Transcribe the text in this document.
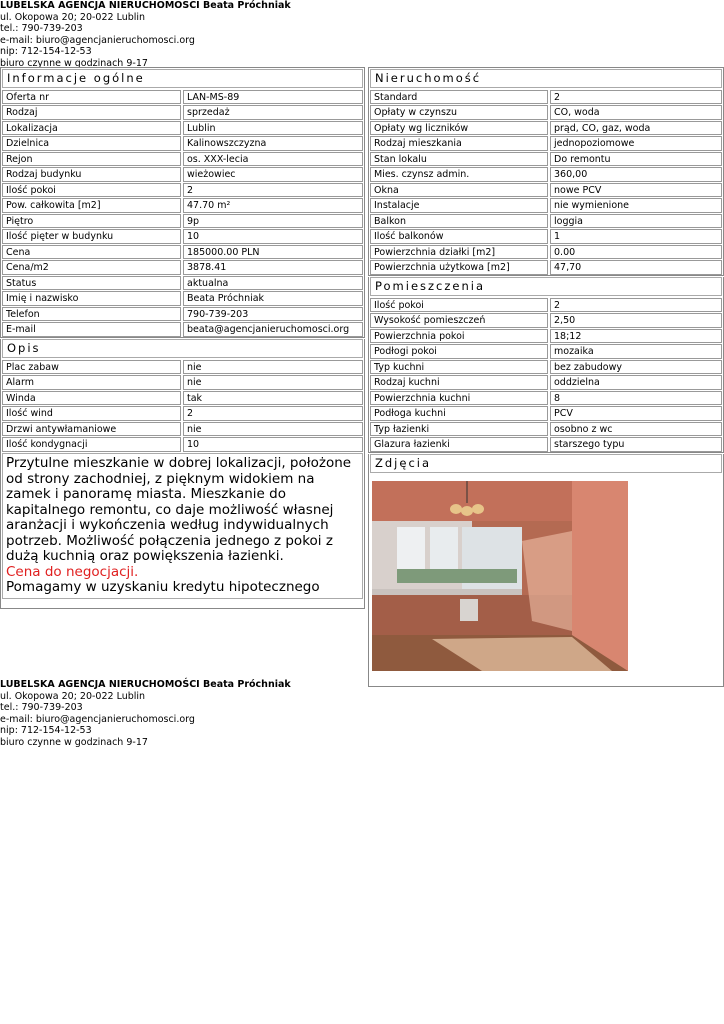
LUBELSKA AGENCJA NIERUCHOMOŚCI Beata Próchniak
ul. Okopowa 20; 20-022 Lublin
tel.: 790-739-203
e-mail: biuro@agencjanieruchomosci.org
nip: 712-154-12-53
biuro czynne w godzinach 9-17
Informacje ogólne
Oferta nr	LAN-MS-89
Rodzaj	sprzedaż
Lokalizacja	Lublin
Dzielnica	Kalinowszczyzna
Rejon	os. XXX-lecia
Rodzaj budynku	wieżowiec
Ilość pokoi	2
Pow. całkowita [m2]	47.70 m²
Piętro	9p
Ilość pięter w budynku	10
Cena	185000.00 PLN
Cena/m2	3878.41
Status	aktualna
Imię i nazwisko	Beata Próchniak
Telefon	790-739-203
E-mail	beata@agencjanieruchomosci.org
Opis
Plac zabaw	nie
Alarm	nie
Winda	tak
Ilość wind	2
Drzwi antywłamaniowe	nie
Ilość kondygnacji	10
Przytulne mieszkanie w dobrej lokalizacji, położone od strony zachodniej, z pięknym widokiem na zamek i panoramę miasta. Mieszkanie do kapitalnego remontu, co daje możliwość własnej aranżacji i wykończenia według indywidualnych potrzeb. Możliwość połączenia jednego z pokoi z dużą kuchnią oraz powiększenia łazienki.
Cena do negocjacji.
Pomagamy w uzyskaniu kredytu hipotecznego
Nieruchomość
Standard	2
Opłaty w czynszu	CO, woda
Opłaty wg liczników	prąd, CO, gaz, woda
Rodzaj mieszkania	jednopoziomowe
Stan lokalu	Do remontu
Mies. czynsz admin.	360,00
Okna	nowe PCV
Instalacje	nie wymienione
Balkon	loggia
Ilość balkonów	1
Powierzchnia działki [m2]	0.00
Powierzchnia użytkowa [m2]	47,70
Pomieszczenia
Ilość pokoi	2
Wysokość pomieszczeń	2,50
Powierzchnia pokoi	18;12
Podłogi pokoi	mozaika
Typ kuchni	bez zabudowy
Rodzaj kuchni	oddzielna
Powierzchnia kuchni	8
Podłoga kuchni	PCV
Typ łazienki	osobno z wc
Glazura łazienki	starszego typu
Zdjęcia
LUBELSKA AGENCJA NIERUCHOMOŚCI Beata Próchniak
ul. Okopowa 20; 20-022 Lublin
tel.: 790-739-203
e-mail: biuro@agencjanieruchomosci.org
nip: 712-154-12-53
biuro czynne w godzinach 9-17
